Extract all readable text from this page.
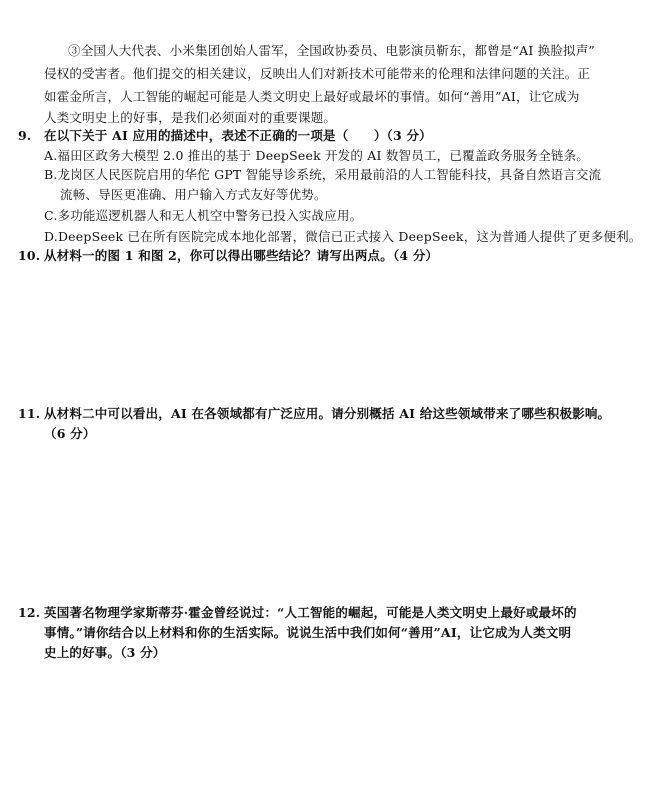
③全国人大代表、小米集团创始人雷军，全国政协委员、电影演员靳东，都曾是“AI 换脸拟声”
侵权的受害者。他们提交的相关建议，反映出人们对新技术可能带来的伦理和法律问题的关注。正
如霍金所言，人工智能的崛起可能是人类文明史上最好或最坏的事情。如何“善用”AI，让它成为
人类文明史上的好事，是我们必须面对的重要课题。
9. 在以下关于 AI 应用的描述中，表述不正确的一项是（　　）（3 分）
A.福田区政务大模型 2.0 推出的基于 DeepSeek 开发的 AI 数智员工，已覆盖政务服务全链条。
B.龙岗区人民医院启用的华佗 GPT 智能导诊系统，采用最前沿的人工智能科技，具备自然语言交流
流畅、导医更准确、用户输入方式友好等优势。
C.多功能巡逻机器人和无人机空中警务已投入实战应用。
D.DeepSeek 已在所有医院完成本地化部署，微信已正式接入 DeepSeek，这为普通人提供了更多便利。
10. 从材料一的图 1 和图 2，你可以得出哪些结论？请写出两点。（4 分）
11. 从材料二中可以看出，AI 在各领域都有广泛应用。请分别概括 AI 给这些领域带来了哪些积极影响。
（6 分）
12. 英国著名物理学家斯蒂芬·霍金曾经说过：“人工智能的崛起，可能是人类文明史上最好或最坏的
事情。”请你结合以上材料和你的生活实际。说说生活中我们如何“善用”AI，让它成为人类文明
史上的好事。（3 分）
